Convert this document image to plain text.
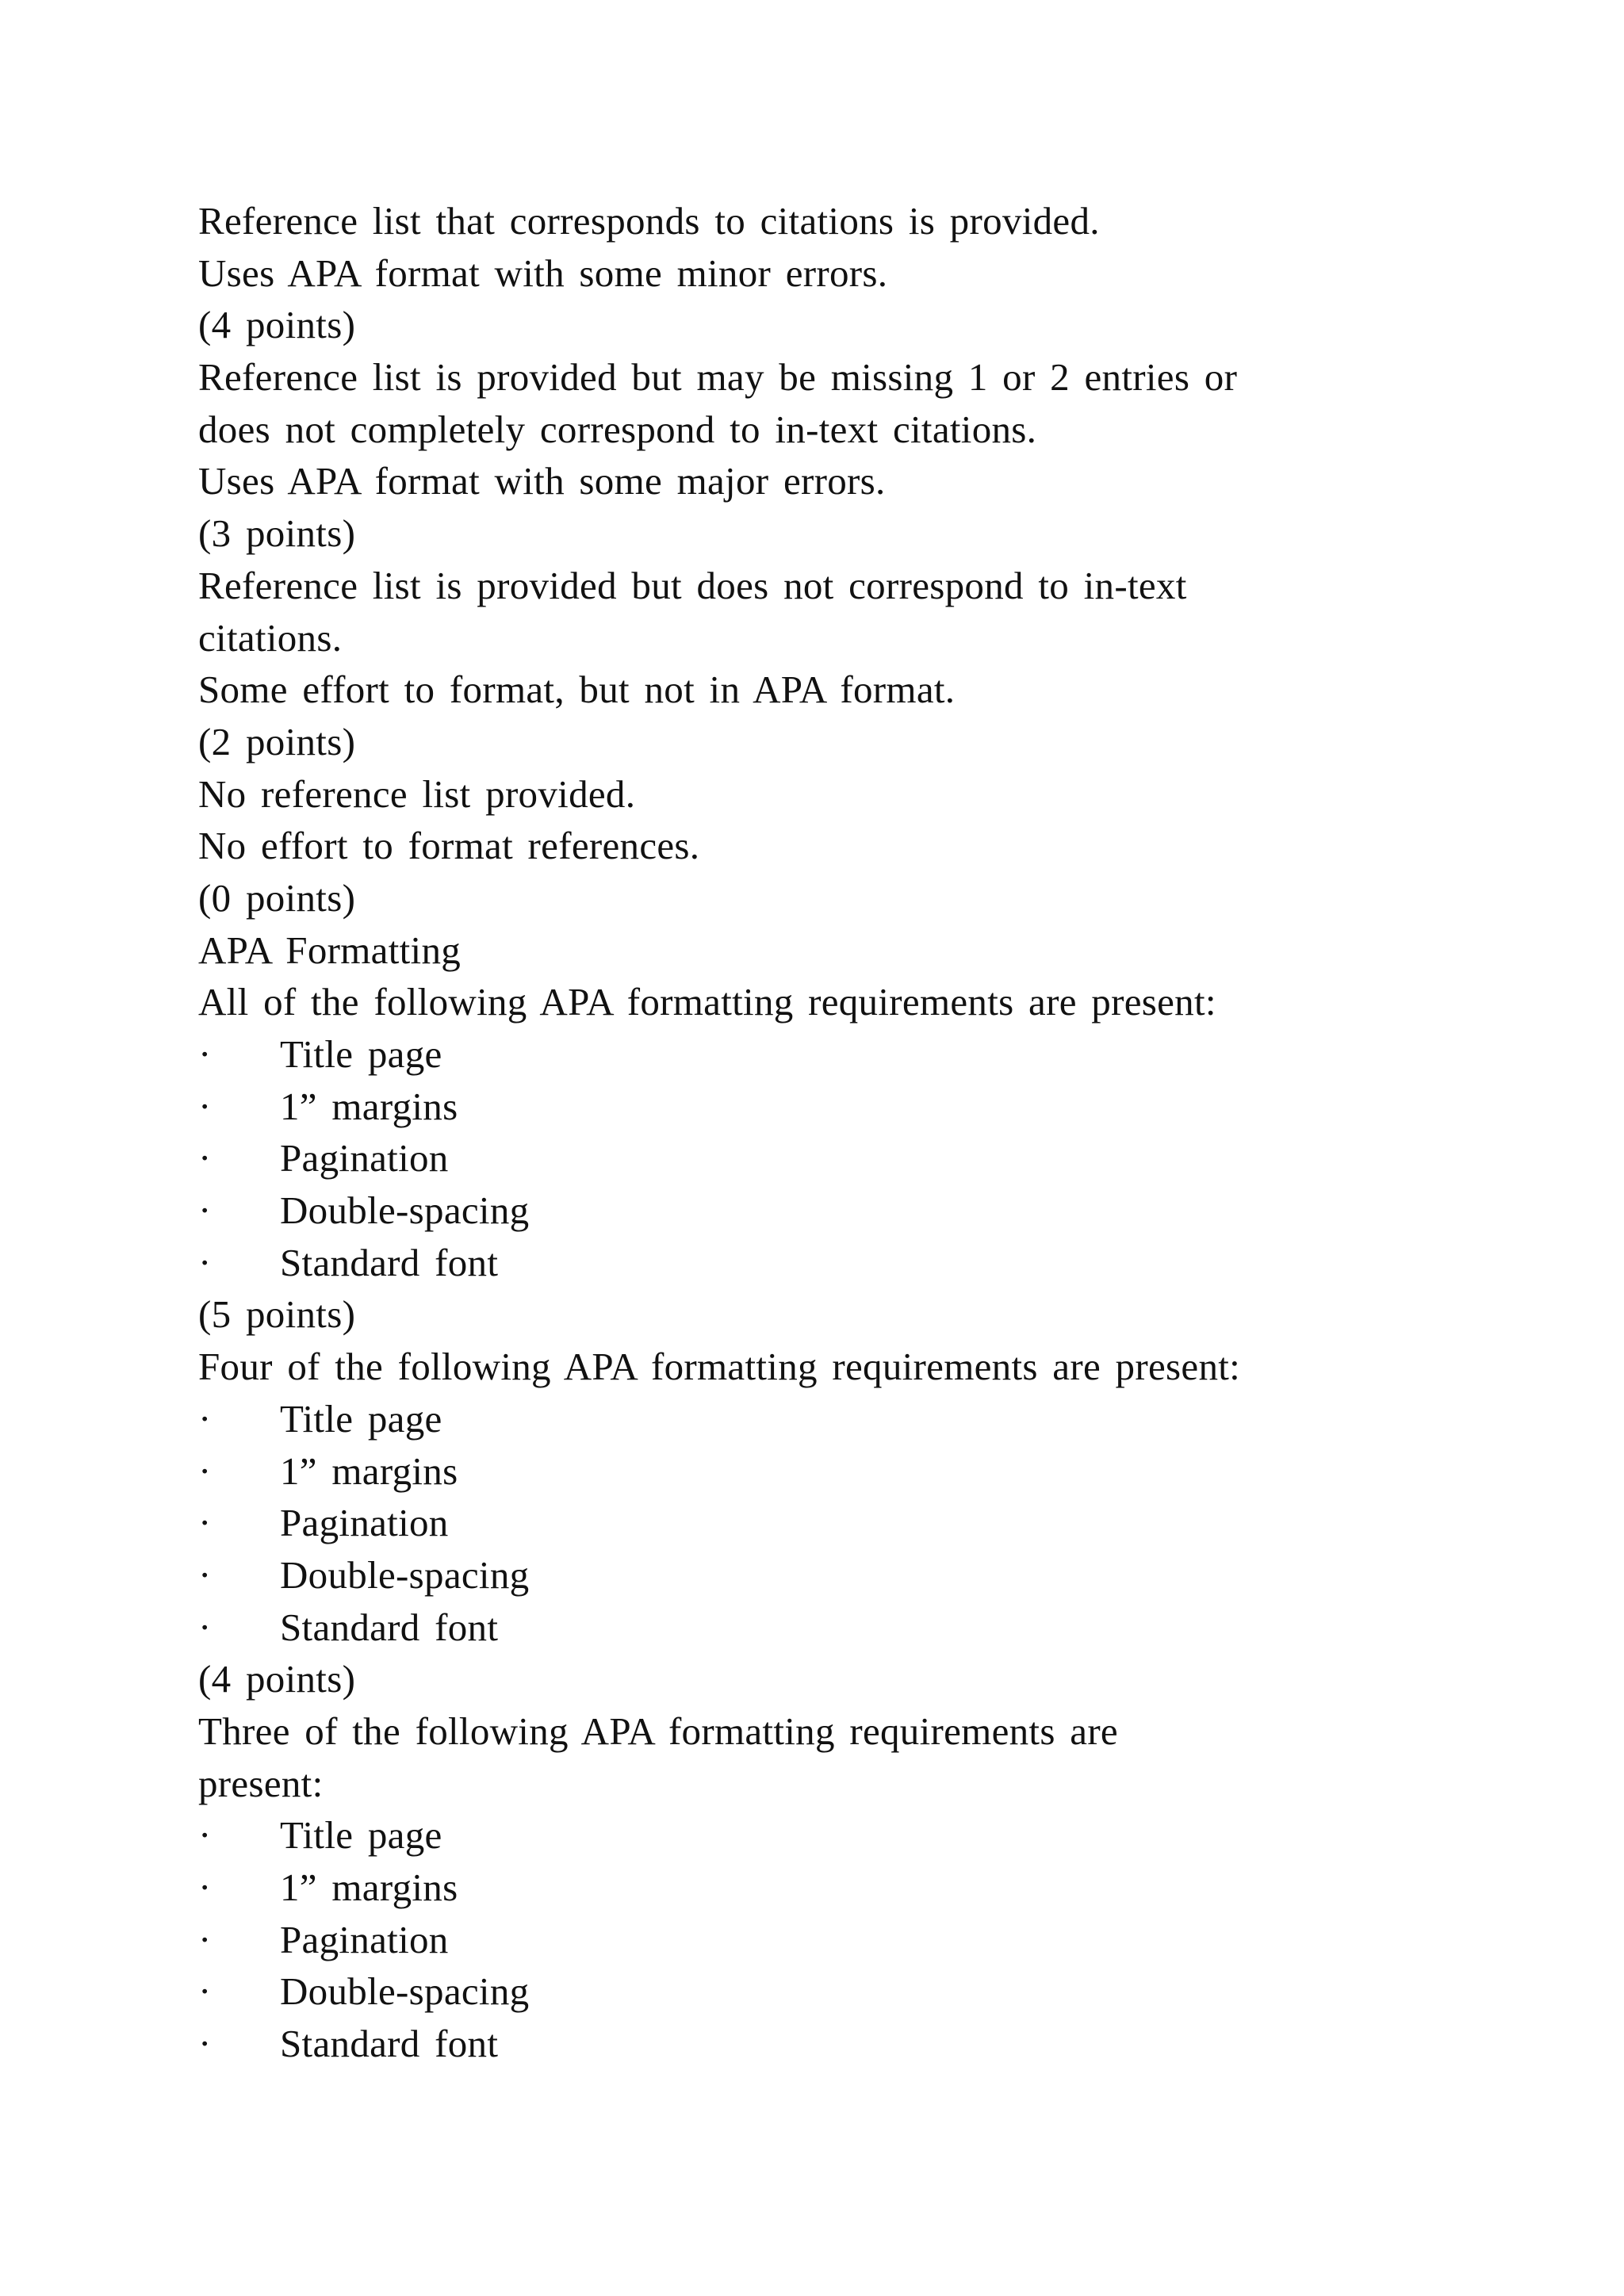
Reference list that corresponds to citations is provided.
Uses APA format with some minor errors.
(4 points)
Reference list is provided but may be missing 1 or 2 entries or
does not completely correspond to in-text citations.
Uses APA format with some major errors.
(3 points)
Reference list is provided but does not correspond to in-text
citations.
Some effort to format, but not in APA format.
(2 points)
No reference list provided.
No effort to format references.
(0 points)
APA Formatting
All of the following APA formatting requirements are present:
·	Title page
·	1” margins
·	Pagination
·	Double-spacing
·	Standard font
(5 points)
Four of the following APA formatting requirements are present:
·	Title page
·	1” margins
·	Pagination
·	Double-spacing
·	Standard font
(4 points)
Three of the following APA formatting requirements are
present:
·	Title page
·	1” margins
·	Pagination
·	Double-spacing
·	Standard font
